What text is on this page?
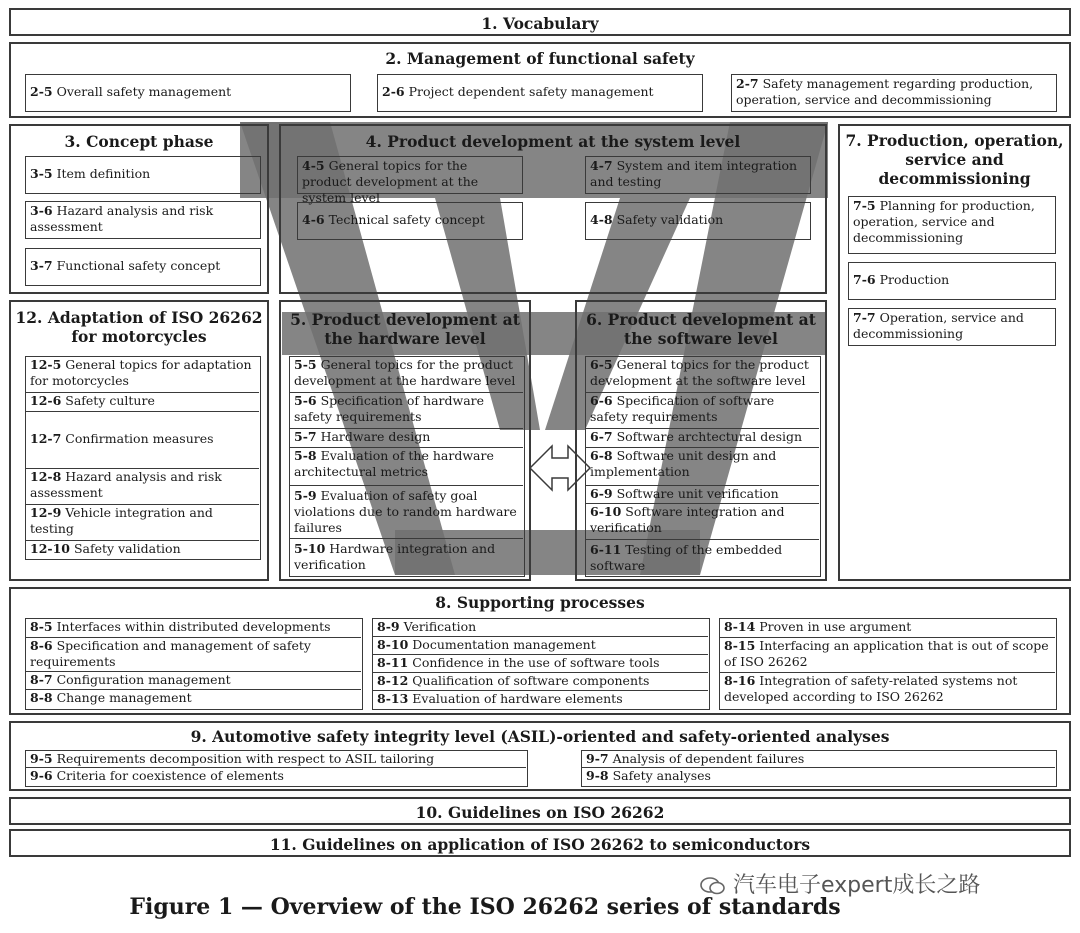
1. Vocabulary
2. Management of functional safety
2-5 Overall safety management	2-6 Project dependent safety management
2-7 Safety management regarding production, operation, service and decommissioning
3. Concept phase
3-5 Item definition
3-6 Hazard analysis and risk assessment
3-7 Functional safety concept
4. Product development at the system level
4-5 General topics for the product development at the system level
4-7 System and item integration and testing
4-6 Technical safety concept	4-8 Safety validation
7. Production, operation, service and decommissioning
7-5 Planning for production, operation, service and decommissioning
7-6 Production
7-7 Operation, service and decommissioning
12. Adaptation of ISO 26262 for motorcycles
12-5 General topics for adaptation for motorcycles
12-6 Safety culture
12-7 Confirmation measures
12-8 Hazard analysis and risk assessment
12-9 Vehicle integration and testing
12-10 Safety validation
5. Product development at the hardware level
5-5 General topics for the product development at the hardware level
5-6 Specification of hardware safety requirements
5-7 Hardware design
5-8 Evaluation of the hardware architectural metrics
5-9 Evaluation of safety goal violations due to random hardware failures
5-10 Hardware integration and verification
6. Product development at the software level
6-5 General topics for the product development at the software level
6-6 Specification of software safety requirements
6-7 Software archtectural design
6-8 Software unit design and implementation
6-9 Software unit verification
6-10 Software integration and verification
6-11 Testing of the embedded software
8. Supporting processes
8-5 Interfaces within distributed developments
8-6 Specification and management of safety requirements
8-7 Configuration management
8-8 Change management
8-9 Verification
8-10 Documentation management
8-11 Confidence in the use of software tools
8-12 Qualification of software components
8-13 Evaluation of hardware elements
8-14 Proven in use argument
8-15 Interfacing an application that is out of scope of ISO 26262
8-16 Integration of safety-related systems not developed according to ISO 26262
9. Automotive safety integrity level (ASIL)-oriented and safety-oriented analyses
9-5 Requirements decomposition with respect to ASIL tailoring
9-6 Criteria for coexistence of elements
9-7 Analysis of dependent failures
9-8 Safety analyses
10. Guidelines on ISO 26262
11. Guidelines on application of ISO 26262 to semiconductors
汽车电子expert成长之路
Figure 1 — Overview of the ISO 26262 series of standards
